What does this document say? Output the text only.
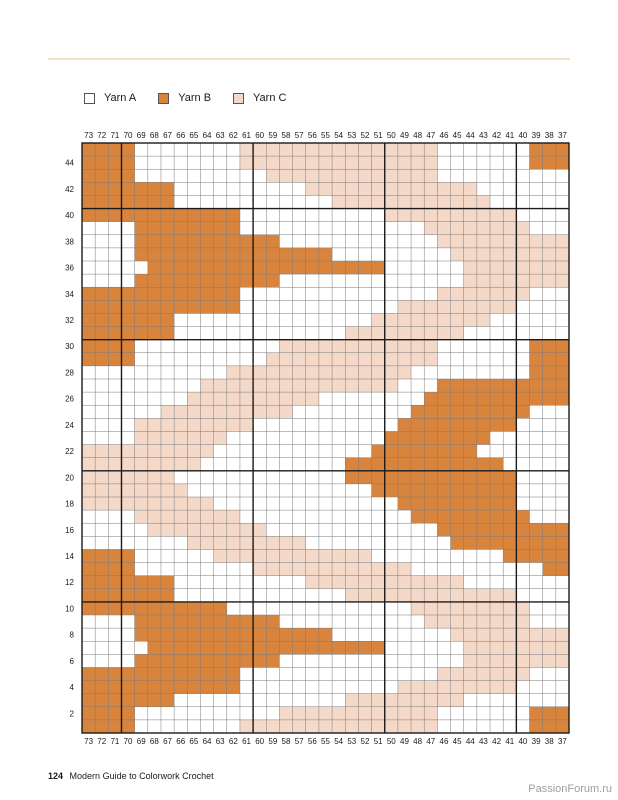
Yarn A	Yarn B	Yarn C
73
73
72
72
71
71
70
70
69
69
68
68
67
67
66
66
65
65
64
64
63
63
62
62
61
61
60
60
59
59
58
58
57
57
56
56
55
55
54
54
53
53
52
52
51
51
50
50
49
49
48
48
47
47
46
46
45
45
44
44
43
43
42
42
41
41
40
40
39
39
38
38
37
37
44
42
40
38
36
34
32
30
28
26
24
22
20
18
16
14
12
10
8
6
4
2
124 Modern Guide to Colorwork Crochet
PassionForum.ru
